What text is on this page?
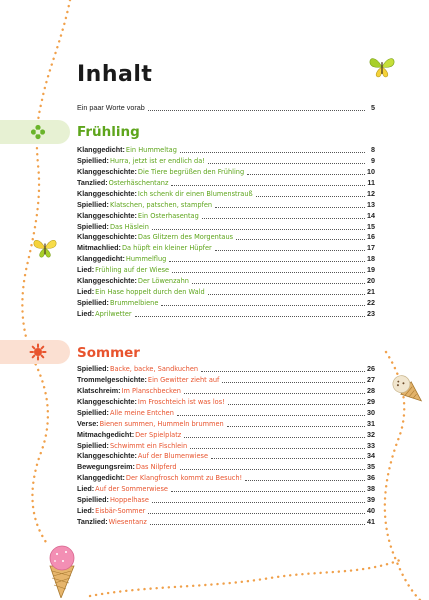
Inhalt
Ein paar Worte vorab	5
Frühling
Klanggedicht: Ein Hummeltag	8
Spiellied: Hurra, jetzt ist er endlich da!	9
Klanggeschichte: Die Tiere begrüßen den Frühling	10
Tanzlied: Osterhäschentanz	11
Klanggeschichte: Ich schenk dir einen Blumenstrauß	12
Spiellied: Klatschen, patschen, stampfen	13
Klanggeschichte: Ein Osterhasentag	14
Spiellied: Das Häslein	15
Klanggeschichte: Das Glitzern des Morgentaus	16
Mitmachlied: Da hüpft ein kleiner Hüpfer	17
Klanggedicht: Hummelflug	18
Lied: Frühling auf der Wiese	19
Klanggeschichte: Der Löwenzahn	20
Lied: Ein Hase hoppelt durch den Wald	21
Spiellied: Brummelbiene	22
Lied: Aprilwetter	23
Sommer
Spiellied: Backe, backe, Sandkuchen	26
Trommelgeschichte: Ein Gewitter zieht auf	27
Klatschreim: Im Planschbecken	28
Klanggeschichte: Im Froschteich ist was los!	29
Spiellied: Alle meine Entchen	30
Verse: Bienen summen, Hummeln brummen	31
Mitmachgedicht: Der Spielplatz	32
Spiellied: Schwimmt ein Fischlein	33
Klanggeschichte: Auf der Blumenwiese	34
Bewegungsreim: Das Nilpferd	35
Klanggedicht: Der Klangfrosch kommt zu Besuch!	36
Lied: Auf der Sommerwiese	38
Spiellied: Hoppelhase	39
Lied: Eisbär-Sommer	40
Tanzlied: Wiesentanz	41
